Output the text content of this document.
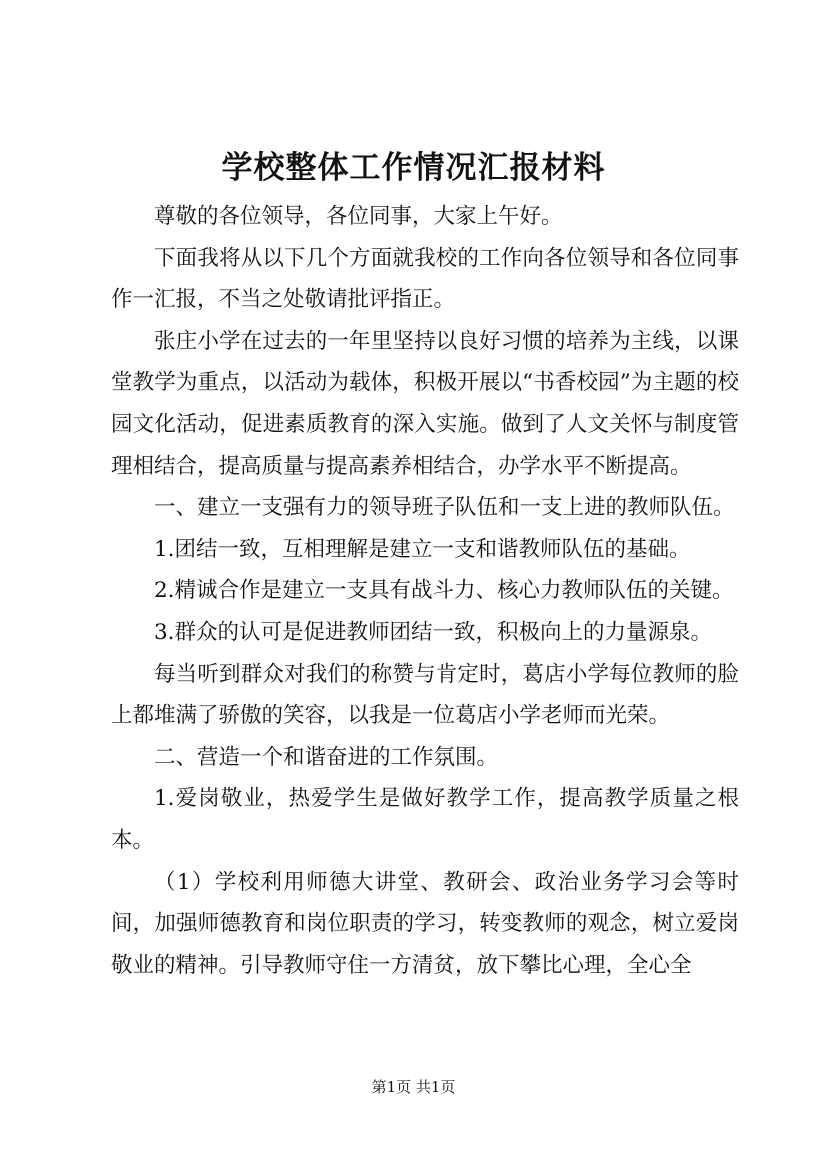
学校整体工作情况汇报材料

尊敬的各位领导，各位同事，大家上午好。

下面我将从以下几个方面就我校的工作向各位领导和各位同事作一汇报，不当之处敬请批评指正。

张庄小学在过去的一年里坚持以良好习惯的培养为主线，以课堂教学为重点，以活动为载体，积极开展以“书香校园”为主题的校园文化活动，促进素质教育的深入实施。做到了人文关怀与制度管理相结合，提高质量与提高素养相结合，办学水平不断提高。

一、建立一支强有力的领导班子队伍和一支上进的教师队伍。

1.团结一致，互相理解是建立一支和谐教师队伍的基础。

2.精诚合作是建立一支具有战斗力、核心力教师队伍的关键。

3.群众的认可是促进教师团结一致，积极向上的力量源泉。

每当听到群众对我们的称赞与肯定时，葛店小学每位教师的脸上都堆满了骄傲的笑容，以我是一位葛店小学老师而光荣。

二、营造一个和谐奋进的工作氛围。

1.爱岗敬业，热爱学生是做好教学工作，提高教学质量之根本。

（1）学校利用师德大讲堂、教研会、政治业务学习会等时间，加强师德教育和岗位职责的学习，转变教师的观念，树立爱岗敬业的精神。引导教师守住一方清贫，放下攀比心理，全心全

第1页 共1页
